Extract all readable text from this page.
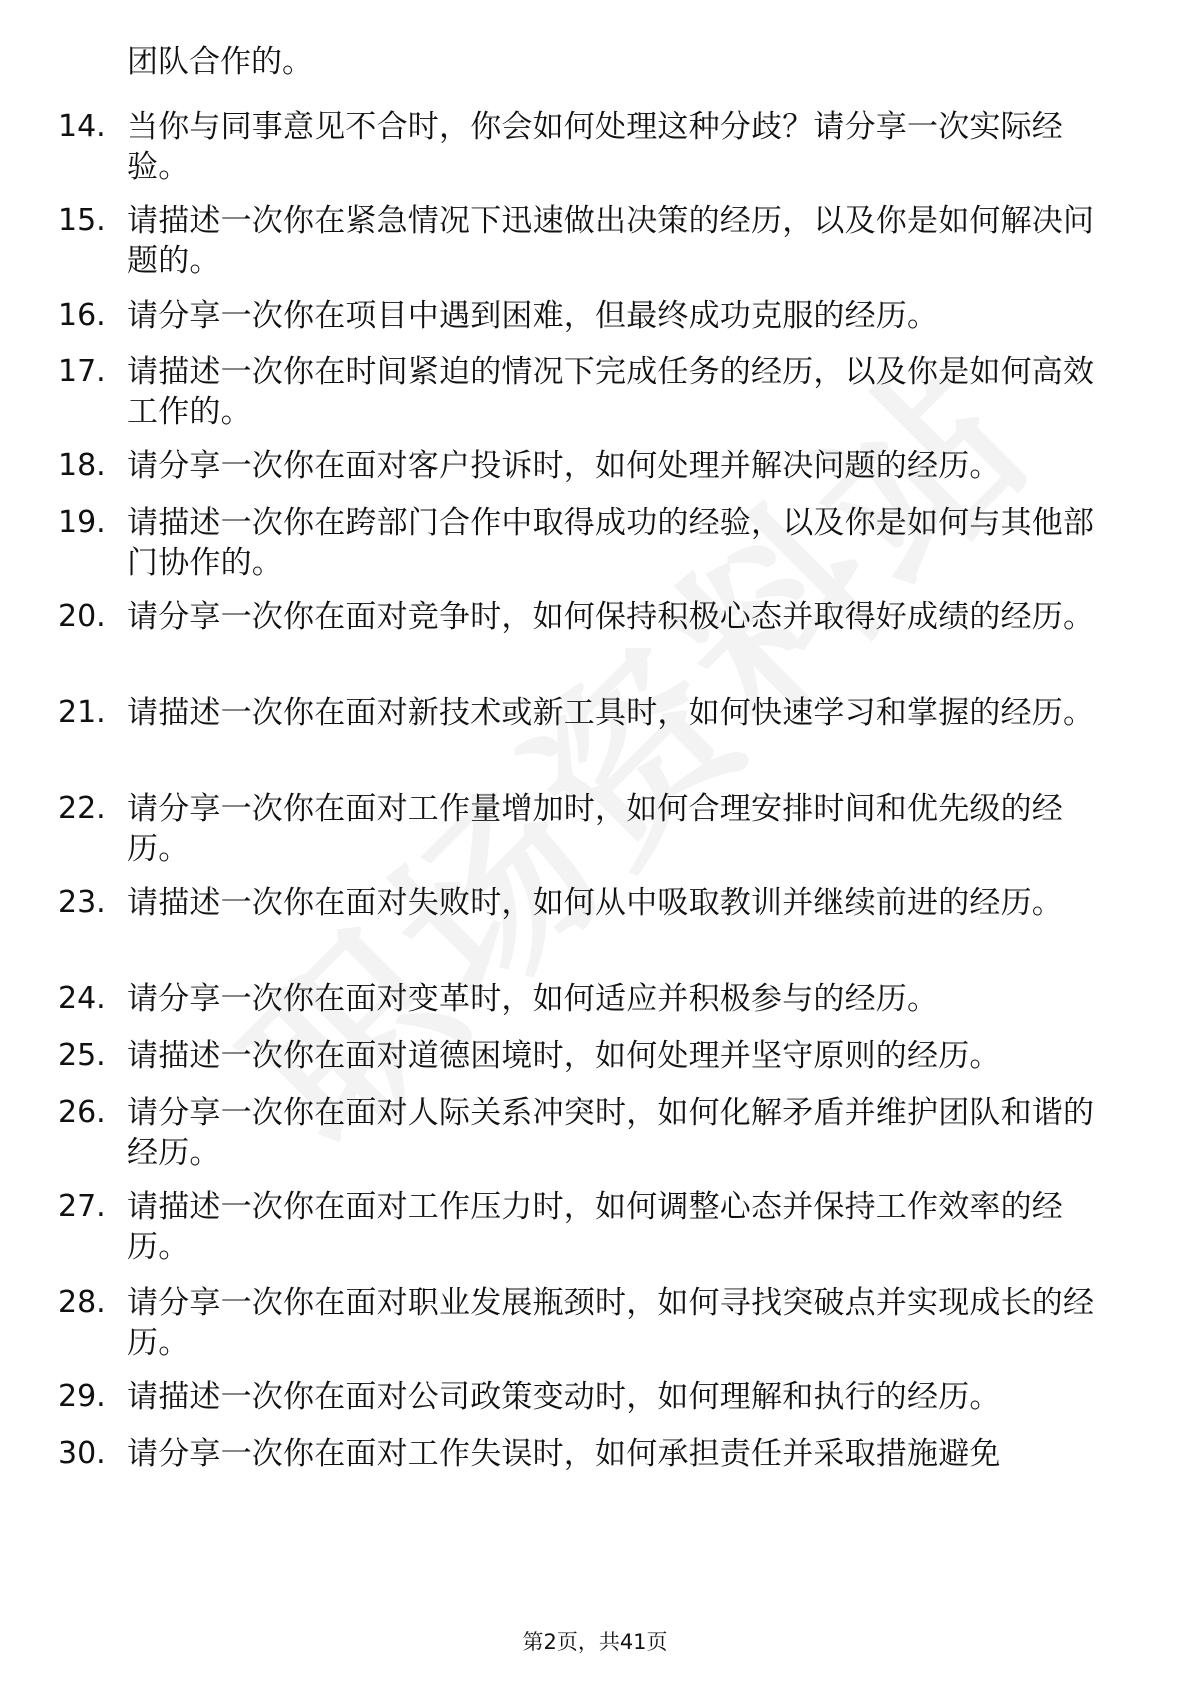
团队合作的。
14. 当你与同事意见不合时，你会如何处理这种分歧？请分享一次实际经验。
15. 请描述一次你在紧急情况下迅速做出决策的经历，以及你是如何解决问题的。
16. 请分享一次你在项目中遇到困难，但最终成功克服的经历。
17. 请描述一次你在时间紧迫的情况下完成任务的经历，以及你是如何高效工作的。
18. 请分享一次你在面对客户投诉时，如何处理并解决问题的经历。
19. 请描述一次你在跨部门合作中取得成功的经验，以及你是如何与其他部门协作的。
20. 请分享一次你在面对竞争时，如何保持积极心态并取得好成绩的经历。
21. 请描述一次你在面对新技术或新工具时，如何快速学习和掌握的经历。
22. 请分享一次你在面对工作量增加时，如何合理安排时间和优先级的经历。
23. 请描述一次你在面对失败时，如何从中吸取教训并继续前进的经历。
24. 请分享一次你在面对变革时，如何适应并积极参与的经历。
25. 请描述一次你在面对道德困境时，如何处理并坚守原则的经历。
26. 请分享一次你在面对人际关系冲突时，如何化解矛盾并维护团队和谐的经历。
27. 请描述一次你在面对工作压力时，如何调整心态并保持工作效率的经历。
28. 请分享一次你在面对职业发展瓶颈时，如何寻找突破点并实现成长的经历。
29. 请描述一次你在面对公司政策变动时，如何理解和执行的经历。
30. 请分享一次你在面对工作失误时，如何承担责任并采取措施避免
第2页，共41页
